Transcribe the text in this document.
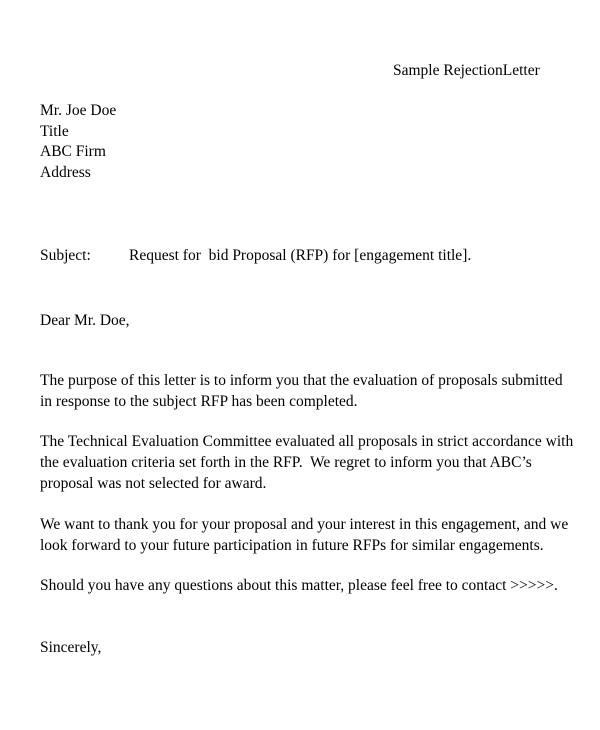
Sample RejectionLetter
Mr. Joe Doe
Title
ABC Firm
Address
Subject: Request for  bid Proposal (RFP) for [engagement title].
Dear Mr. Doe,

The purpose of this letter is to inform you that the evaluation of proposals submitted in response to the subject RFP has been completed.

The Technical Evaluation Committee evaluated all proposals in strict accordance with the evaluation criteria set forth in the RFP.  We regret to inform you that ABC’s proposal was not selected for award.

We want to thank you for your proposal and your interest in this engagement, and we look forward to your future participation in future RFPs for similar engagements.

Should you have any questions about this matter, please feel free to contact >>>>>.

Sincerely,
